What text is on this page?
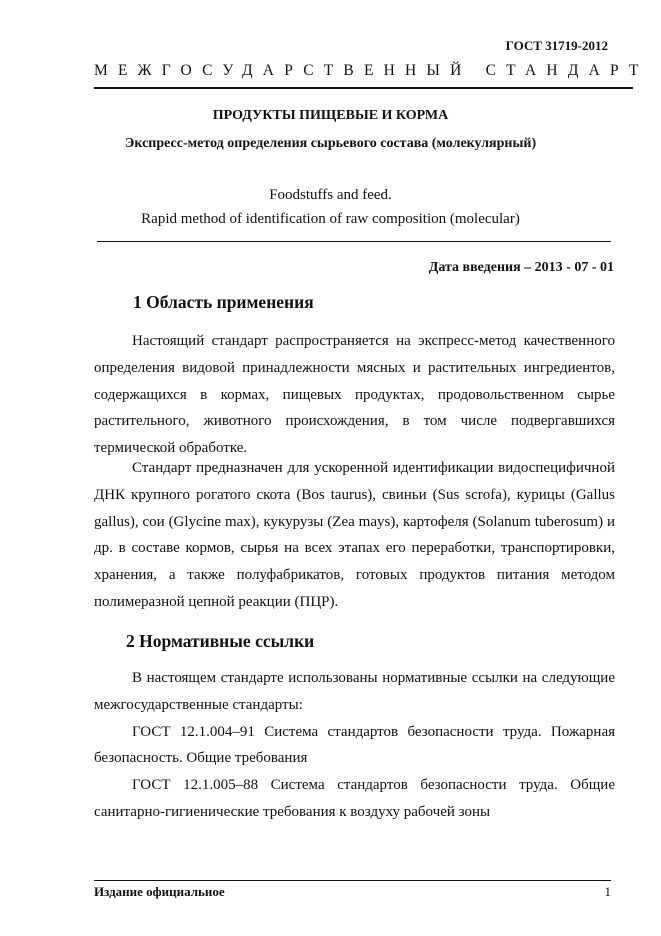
ГОСТ 31719-2012
МЕЖГОСУДАРСТВЕННЫЙ СТАНДАРТ
ПРОДУКТЫ ПИЩЕВЫЕ И КОРМА
Экспресс-метод определения сырьевого состава (молекулярный)
Foodstuffs and feed.
Rapid method of identification of raw composition (molecular)
Дата введения – 2013 - 07 - 01
1 Область применения

Настоящий стандарт распространяется на экспресс-метод качественного определения видовой принадлежности мясных и растительных ингредиентов, содержащихся в кормах, пищевых продуктах, продовольственном сырье растительного, животного происхождения, в том числе подвергавшихся термической обработке.

Стандарт предназначен для ускоренной идентификации видоспецифичной ДНК крупного рогатого скота (Bos taurus), свиньи (Sus scrofa), курицы (Gallus gallus), сои (Glycine max), кукурузы (Zea mays), картофеля (Solanum tuberosum) и др. в составе кормов, сырья на всех этапах его переработки, транспортировки, хранения, а также полуфабрикатов, готовых продуктов питания методом полимеразной цепной реакции (ПЦР).

2 Нормативные ссылки

В настоящем стандарте использованы нормативные ссылки на следующие межгосударственные стандарты:

ГОСТ 12.1.004–91 Система стандартов безопасности труда. Пожарная безопасность. Общие требования

ГОСТ 12.1.005–88 Система стандартов безопасности труда. Общие санитарно-гигиенические требования к воздуху рабочей зоны

Издание официальное	1
